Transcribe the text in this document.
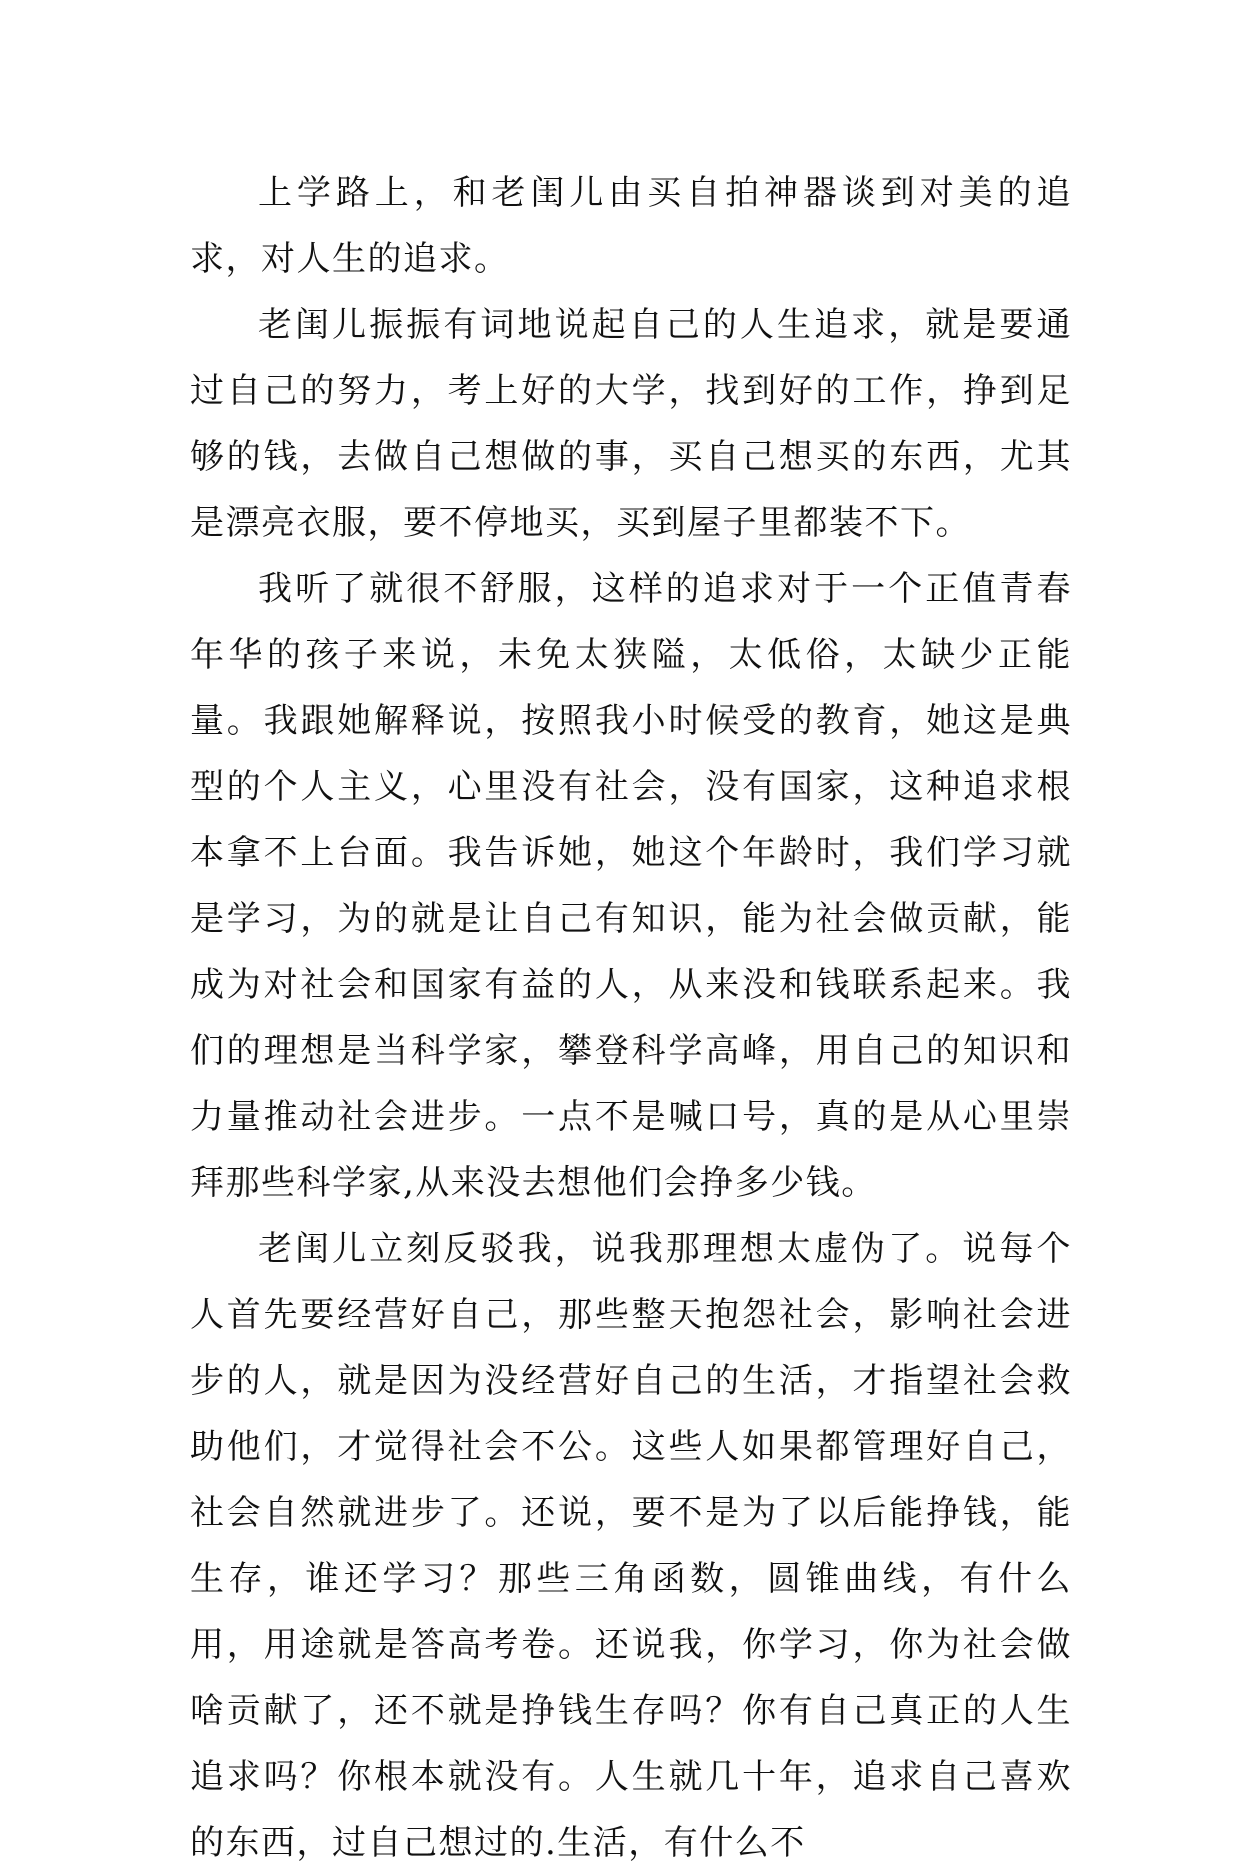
上学路上，和老闺儿由买自拍神器谈到对美的追求，对人生的追求。

老闺儿振振有词地说起自己的人生追求，就是要通过自己的努力，考上好的大学，找到好的工作，挣到足够的钱，去做自己想做的事，买自己想买的东西，尤其是漂亮衣服，要不停地买，买到屋子里都装不下。

我听了就很不舒服，这样的追求对于一个正值青春年华的孩子来说，未免太狭隘，太低俗，太缺少正能量。我跟她解释说，按照我小时候受的教育，她这是典型的个人主义，心里没有社会，没有国家，这种追求根本拿不上台面。我告诉她，她这个年龄时，我们学习就是学习，为的就是让自己有知识，能为社会做贡献，能成为对社会和国家有益的人，从来没和钱联系起来。我们的理想是当科学家，攀登科学高峰，用自己的知识和力量推动社会进步。一点不是喊口号，真的是从心里崇拜那些科学家,从来没去想他们会挣多少钱。

老闺儿立刻反驳我，说我那理想太虚伪了。说每个人首先要经营好自己，那些整天抱怨社会，影响社会进步的人，就是因为没经营好自己的生活，才指望社会救助他们，才觉得社会不公。这些人如果都管理好自己，社会自然就进步了。还说，要不是为了以后能挣钱，能生存，谁还学习？那些三角函数，圆锥曲线，有什么用，用途就是答高考卷。还说我，你学习，你为社会做啥贡献了，还不就是挣钱生存吗？你有自己真正的人生追求吗？你根本就没有。人生就几十年，追求自己喜欢的东西，过自己想过的.生活，有什么不
